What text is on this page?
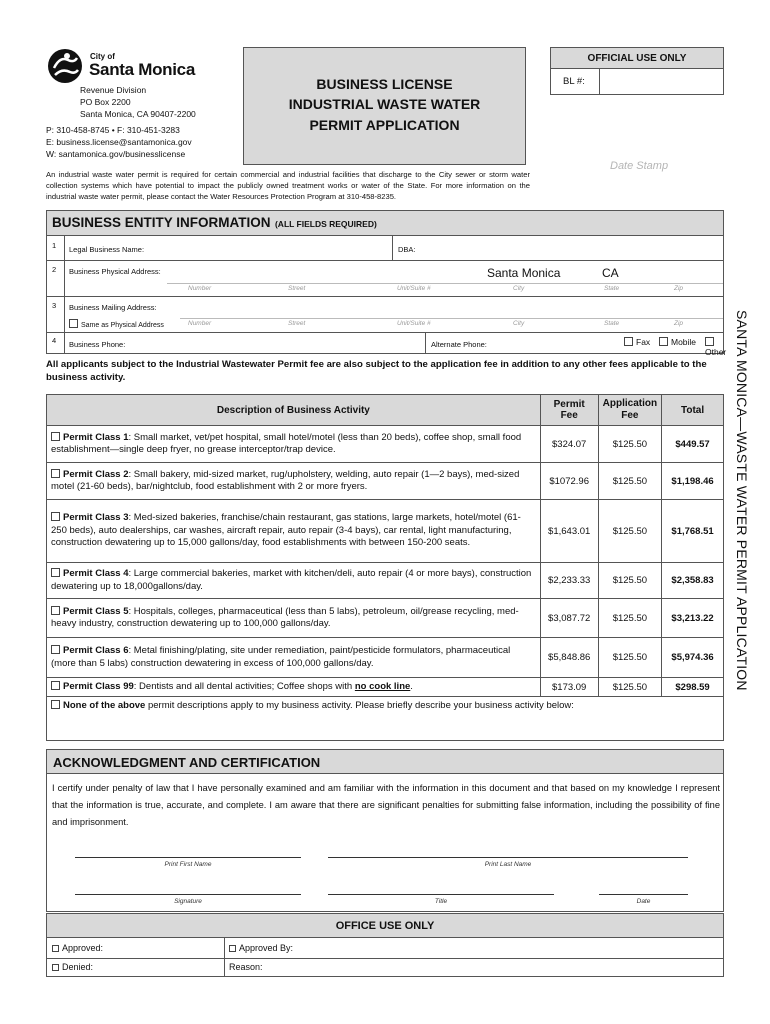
City of
Santa Monica
Revenue Division
PO Box 2200
Santa Monica, CA 90407-2200
P: 310-458-8745 • F: 310-451-3283
E: business.license@santamonica.gov
W: santamonica.gov/businesslicense
BUSINESS LICENSE
INDUSTRIAL WASTE WATER
PERMIT APPLICATION
OFFICIAL USE ONLY
BL #:
Date Stamp
An industrial waste water permit is required for certain commercial and industrial facilities that discharge to the City sewer or storm water collection systems which have potential to impact the publicly owned treatment works or water of the State. For more information on the industrial waste water permit, please contact the Water Resources Protection Program at 310-458-8235.
SANTA MONICA—WASTE WATER PERMIT APPLICATION
BUSINESS ENTITY INFORMATION (ALL FIELDS REQUIRED)
1 Legal Business Name:	DBA:
2 Business Physical Address:	Santa Monica	CA
Number	Street	Unit/Suite #	City	State	Zip
3 Business Mailing Address:
Same as Physical Address	Number	Street	Unit/Suite #	City	State	Zip
4 Business Phone:	Alternate Phone:	Fax	Mobile
Other
All applicants subject to the Industrial Wastewater Permit fee are also subject to the application fee in addition to any other fees applicable to the business activity.
Description of Business Activity	Permit Fee	Application Fee	Total
Permit Class 1: Small market, vet/pet hospital, small hotel/motel (less than 20 beds), coffee shop, small food establishment—single deep fryer, no grease interceptor/trap device.	$324.07	$125.50	$449.57
Permit Class 2: Small bakery, mid-sized market, rug/upholstery, welding, auto repair (1—2 bays), med-sized motel (21-60 beds), bar/nightclub, food establishment with 2 or more fryers.	$1072.96	$125.50	$1,198.46
Permit Class 3: Med-sized bakeries, franchise/chain restaurant, gas stations, large markets, hotel/motel (61-250 beds), auto dealerships, car washes, aircraft repair, auto repair (3-4 bays), car rental, light manufacturing, construction dewatering up to 15,000 gallons/day, food establishments with between 150-200 seats.	$1,643.01	$125.50	$1,768.51
Permit Class 4: Large commercial bakeries, market with kitchen/deli, auto repair (4 or more bays), construction dewatering up to 18,000gallons/day.	$2,233.33	$125.50	$2,358.83
Permit Class 5: Hospitals, colleges, pharmaceutical (less than 5 labs), petroleum, oil/grease recycling, med-heavy industry, construction dewatering up to 100,000 gallons/day.	$3,087.72	$125.50	$3,213.22
Permit Class 6: Metal finishing/plating, site under remediation, paint/pesticide formulators, pharmaceutical (more than 5 labs) construction dewatering in excess of 100,000 gallons/day.	$5,848.86	$125.50	$5,974.36
Permit Class 99: Dentists and all dental activities; Coffee shops with no cook line.	$173.09	$125.50	$298.59
None of the above permit descriptions apply to my business activity. Please briefly describe your business activity below:			
ACKNOWLEDGMENT AND CERTIFICATION
I certify under penalty of law that I have personally examined and am familiar with the information in this document and that based on my knowledge I represent that the information is true, accurate, and complete. I am aware that there are significant penalties for submitting false information, including the possibility of fine and imprisonment.
Print First Name	Print Last Name
Signature	Title	Date
OFFICE USE ONLY
Approved:	Approved By:
Denied:	Reason:
